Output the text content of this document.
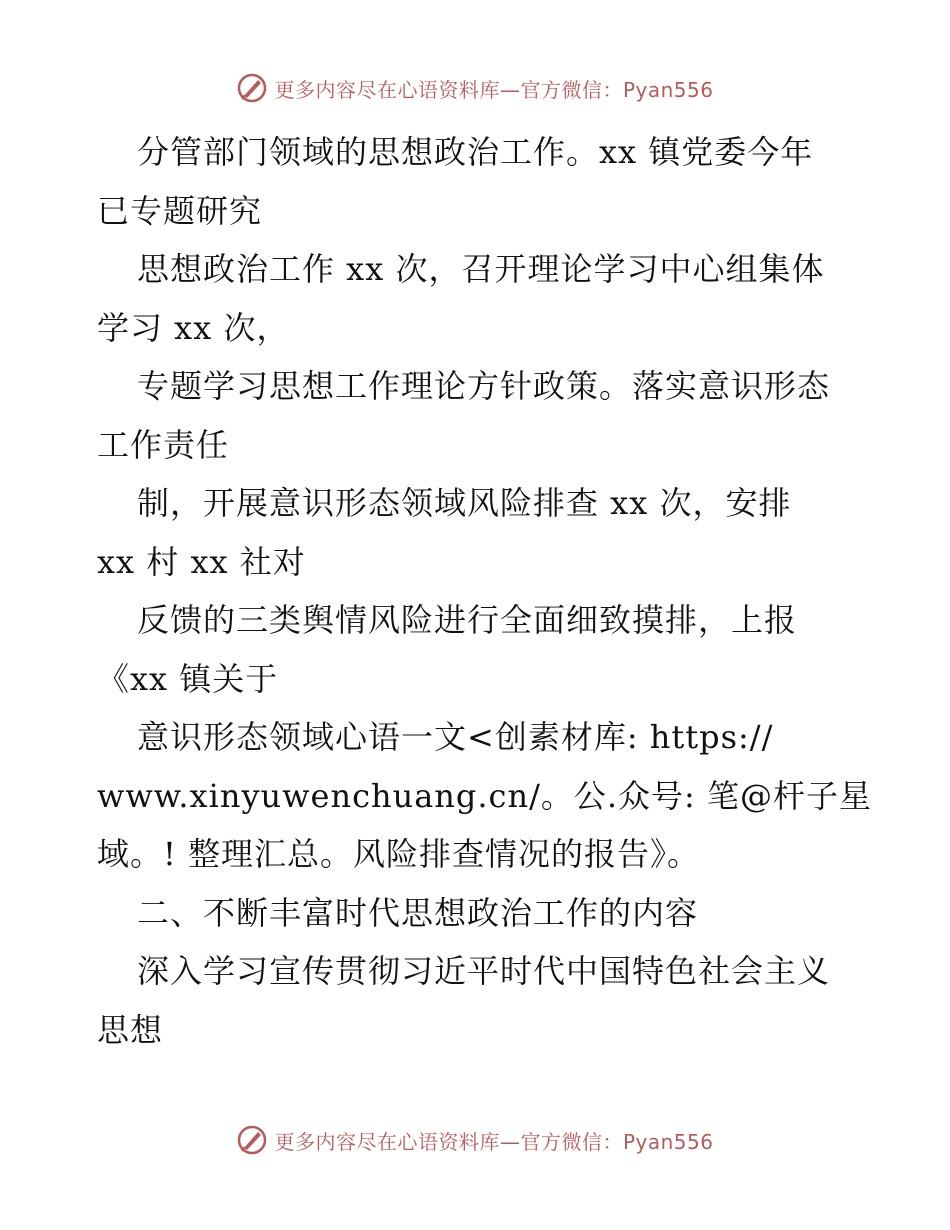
更多内容尽在心语资料库—官方微信：Pyan556
分管部门领域的思想政治工作。xx 镇党委今年
已专题研究
思想政治工作 xx 次，召开理论学习中心组集体
学习 xx 次，
专题学习思想工作理论方针政策。落实意识形态
工作责任
制，开展意识形态领域风险排查 xx 次，安排
xx 村 xx 社对
反馈的三类舆情风险进行全面细致摸排，上报
《xx 镇关于
意识形态领域心语一文<创素材库: https://
www.xinyuwenchuang.cn/。公.众号: 笔@杆子星
域。! 整理汇总。风险排查情况的报告》。
二、不断丰富时代思想政治工作的内容
深入学习宣传贯彻习近平时代中国特色社会主义
思想
更多内容尽在心语资料库—官方微信：Pyan556
